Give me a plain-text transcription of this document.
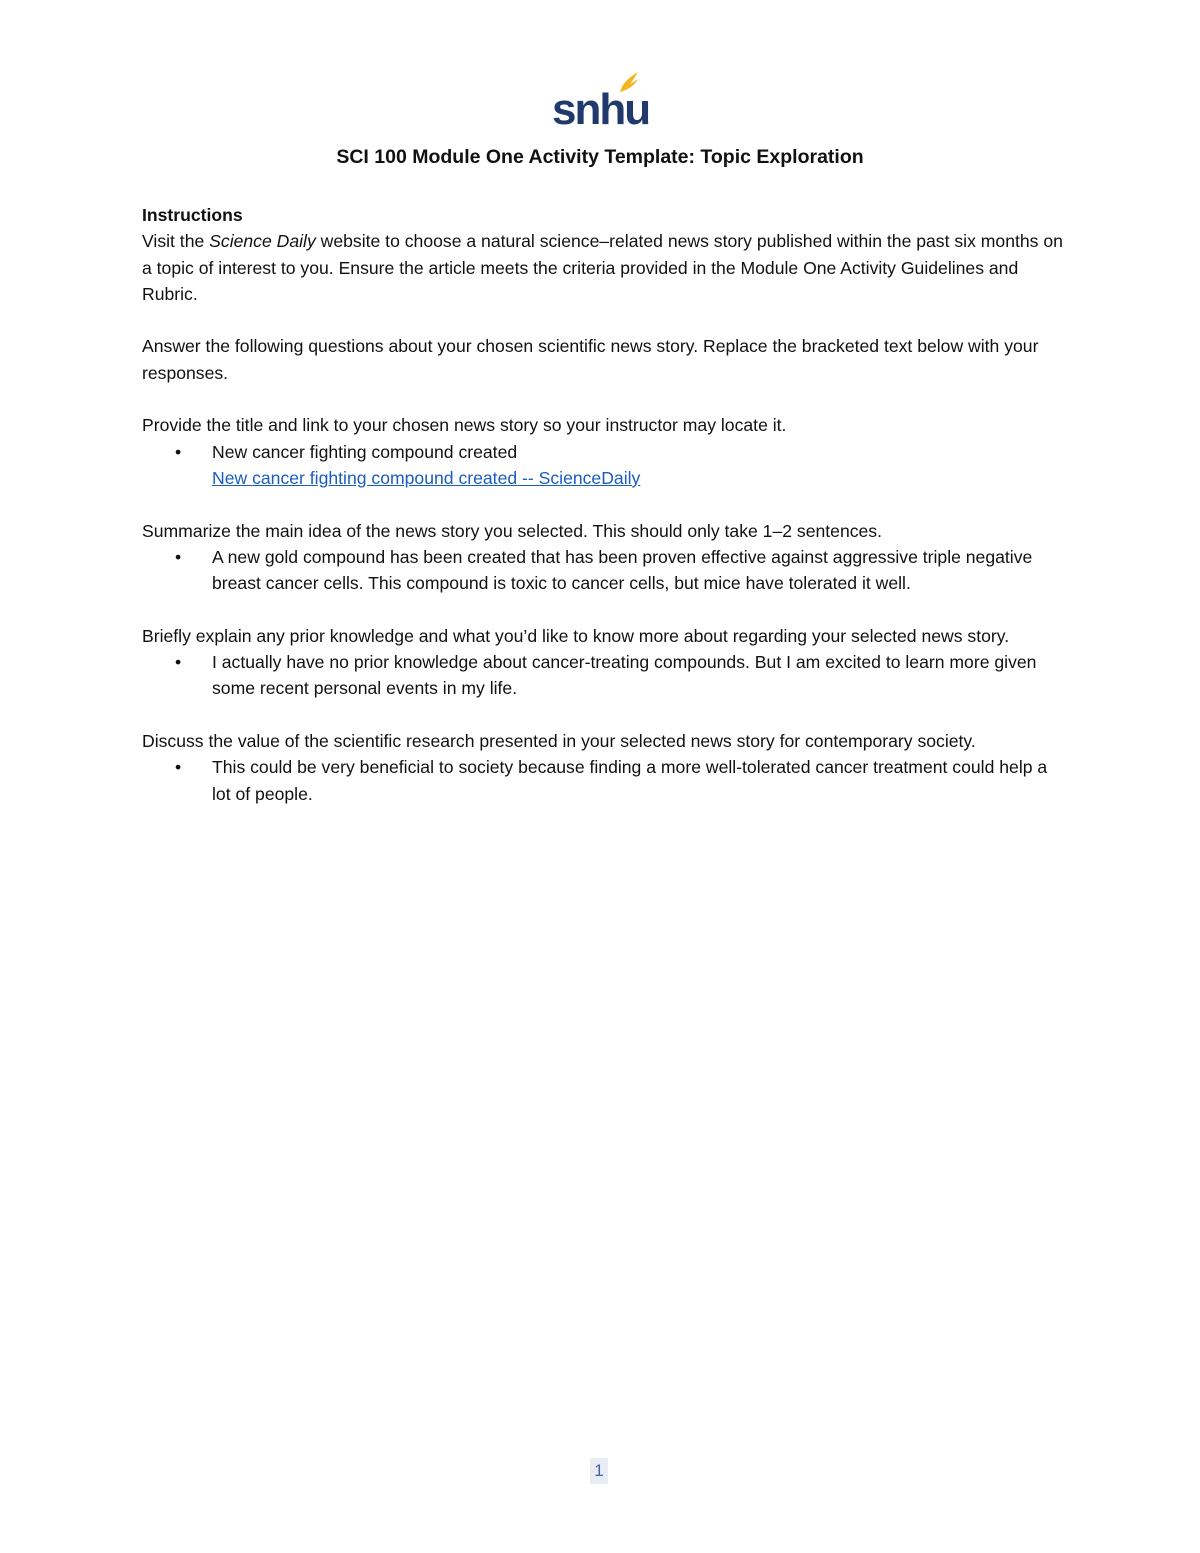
snhu
SCI 100 Module One Activity Template: Topic Exploration

Instructions

Visit the Science Daily website to choose a natural science–related news story published within the past six months on a topic of interest to you. Ensure the article meets the criteria provided in the Module One Activity Guidelines and Rubric.

Answer the following questions about your chosen scientific news story. Replace the bracketed text below with your responses.

Provide the title and link to your chosen news story so your instructor may locate it.

• New cancer fighting compound created
New cancer fighting compound created -- ScienceDaily

Summarize the main idea of the news story you selected. This should only take 1–2 sentences.

• A new gold compound has been created that has been proven effective against aggressive triple negative breast cancer cells. This compound is toxic to cancer cells, but mice have tolerated it well.

Briefly explain any prior knowledge and what you’d like to know more about regarding your selected news story.

• I actually have no prior knowledge about cancer-treating compounds. But I am excited to learn more given some recent personal events in my life.

Discuss the value of the scientific research presented in your selected news story for contemporary society.

• This could be very beneficial to society because finding a more well-tolerated cancer treatment could help a lot of people.
1
